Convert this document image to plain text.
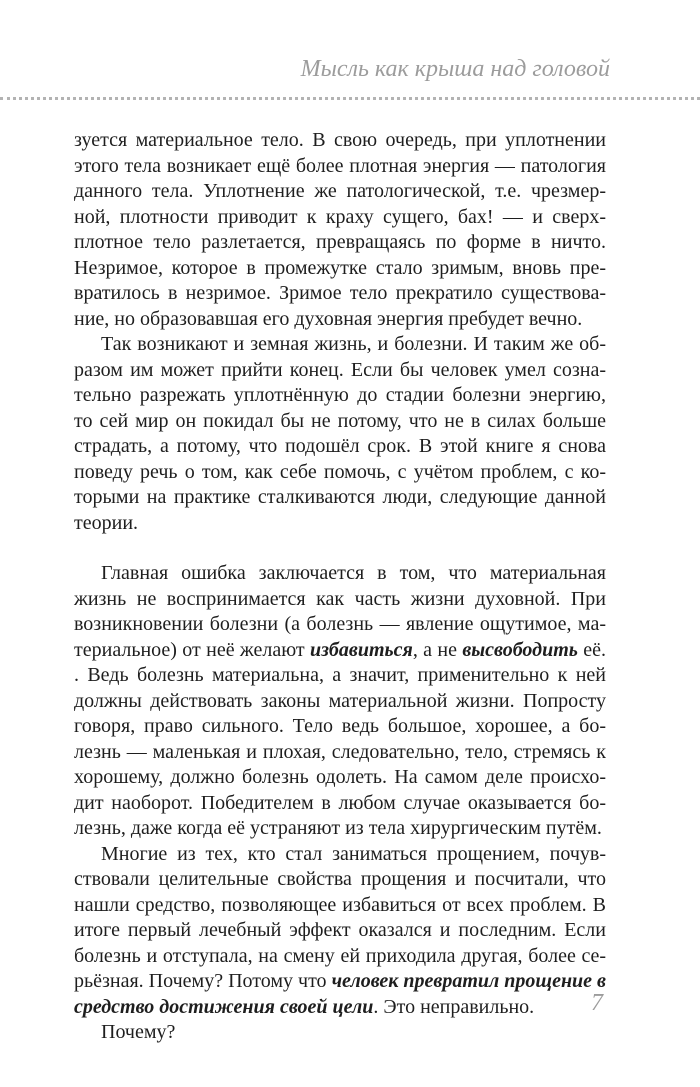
Мысль как крыша над головой

зуется материальное тело. В свою очередь, при уплотнении этого тела возникает ещё более плотная энергия — патология данного тела. Уплотнение же патологической, т.е. чрезмерной, плотности приводит к краху сущего, бах! — и сверхплотное тело разлетается, превращаясь по форме в ничто. Незримое, которое в промежутке стало зримым, вновь превратилось в незримое. Зримое тело прекратило существование, но образовавшая его духовная энергия пребудет вечно.

Так возникают и земная жизнь, и болезни. И таким же образом им может прийти конец. Если бы человек умел сознательно разрежать уплотнённую до стадии болезни энергию, то сей мир он покидал бы не потому, что не в силах больше страдать, а потому, что подошёл срок. В этой книге я снова поведу речь о том, как себе помочь, с учётом проблем, с которыми на практике сталкиваются люди, следующие данной теории.

Главная ошибка заключается в том, что материальная жизнь не воспринимается как часть жизни духовной. При возникновении болезни (а болезнь — явление ощутимое, материальное) от неё желают избавиться, а не высвободить её. . Ведь болезнь материальна, а значит, применительно к ней должны действовать законы материальной жизни. Попросту говоря, право сильного. Тело ведь большое, хорошее, а болезнь — маленькая и плохая, следовательно, тело, стремясь к хорошему, должно болезнь одолеть. На самом деле происходит наоборот. Победителем в любом случае оказывается болезнь, даже когда её устраняют из тела хирургическим путём.

Многие из тех, кто стал заниматься прощением, почувствовали целительные свойства прощения и посчитали, что нашли средство, позволяющее избавиться от всех проблем. В итоге первый лечебный эффект оказался и последним. Если болезнь и отступала, на смену ей приходила другая, более сeрьёзная. Почему? Потому что человек превратил прощение в средство достижения своей цели. Это неправильно.

Почему?

7
